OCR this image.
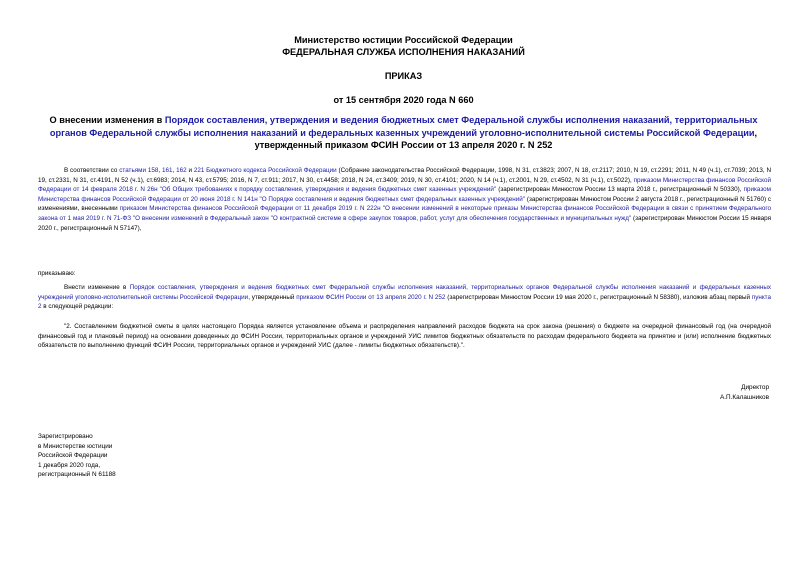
Министерство юстиции Российской Федерации
ФЕДЕРАЛЬНАЯ СЛУЖБА ИСПОЛНЕНИЯ НАКАЗАНИЙ
ПРИКАЗ
от 15 сентября 2020 года N 660
О внесении изменения в Порядок составления, утверждения и ведения бюджетных смет Федеральной службы исполнения наказаний, территориальных органов Федеральной службы исполнения наказаний и федеральных казенных учреждений уголовно-исполнительной системы Российской Федерации, утвержденный приказом ФСИН России от 13 апреля 2020 г. N 252
В соответствии со статьями 158, 161, 162 и 221 Бюджетного кодекса Российской Федерации (Собрание законодательства Российской Федерации, 1998, N 31, ст.3823; 2007, N 18, ст.2117; 2010, N 19, ст.2291; 2011, N 49 (ч.1), ст.7039; 2013, N 19, ст.2331, N 31, ст.4191, N 52 (ч.1), ст.6983; 2014, N 43, ст.5795; 2016, N 7, ст.911; 2017, N 30, ст.4458; 2018, N 24, ст.3409; 2019, N 30, ст.4101; 2020, N 14 (ч.1), ст.2001, N 29, ст.4502, N 31 (ч.1), ст.5022), приказом Министерства финансов Российской Федерации от 14 февраля 2018 г. N 26н "Об Общих требованиях к порядку составления, утверждения и ведения бюджетных смет казенных учреждений" (зарегистрирован Минюстом России 13 марта 2018 г., регистрационный N 50330), приказом Министерства финансов Российской Федерации от 20 июня 2018 г. N 141н "О Порядке составления и ведения бюджетных смет федеральных казенных учреждений" (зарегистрирован Минюстом России 2 августа 2018 г., регистрационный N 51760) с изменениями, внесенными приказом Министерства финансов Российской Федерации от 11 декабря 2019 г. N 222н "О внесении изменений в некоторые приказы Министерства финансов Российской Федерации в связи с принятием Федерального закона от 1 мая 2019 г. N 71-ФЗ "О внесении изменений в Федеральный закон "О контрактной системе в сфере закупок товаров, работ, услуг для обеспечения государственных и муниципальных нужд" (зарегистрирован Минюстом России 15 января 2020 г., регистрационный N 57147),
приказываю:
Внести изменение в Порядок составления, утверждения и ведения бюджетных смет Федеральной службы исполнения наказаний, территориальных органов Федеральной службы исполнения наказаний и федеральных казенных учреждений уголовно-исполнительной системы Российской Федерации, утвержденный приказом ФСИН России от 13 апреля 2020 г. N 252 (зарегистрирован Минюстом России 19 мая 2020 г., регистрационный N 58380), изложив абзац первый пункта 2 в следующей редакции:
"2. Составлением бюджетной сметы в целях настоящего Порядка является установление объема и распределения направлений расходов бюджета на срок закона (решения) о бюджете на очередной финансовый год (на очередной финансовый год и плановый период) на основании доведенных до ФСИН России, территориальных органов и учреждений УИС лимитов бюджетных обязательств по расходам федерального бюджета на принятие и (или) исполнение бюджетных обязательств по выполнению функций ФСИН России, территориальных органов и учреждений УИС (далее - лимиты бюджетных обязательств).".
Директор
А.П.Калашников
Зарегистрировано
в Министерстве юстиции
Российской Федерации
1 декабря 2020 года,
регистрационный N 61188
